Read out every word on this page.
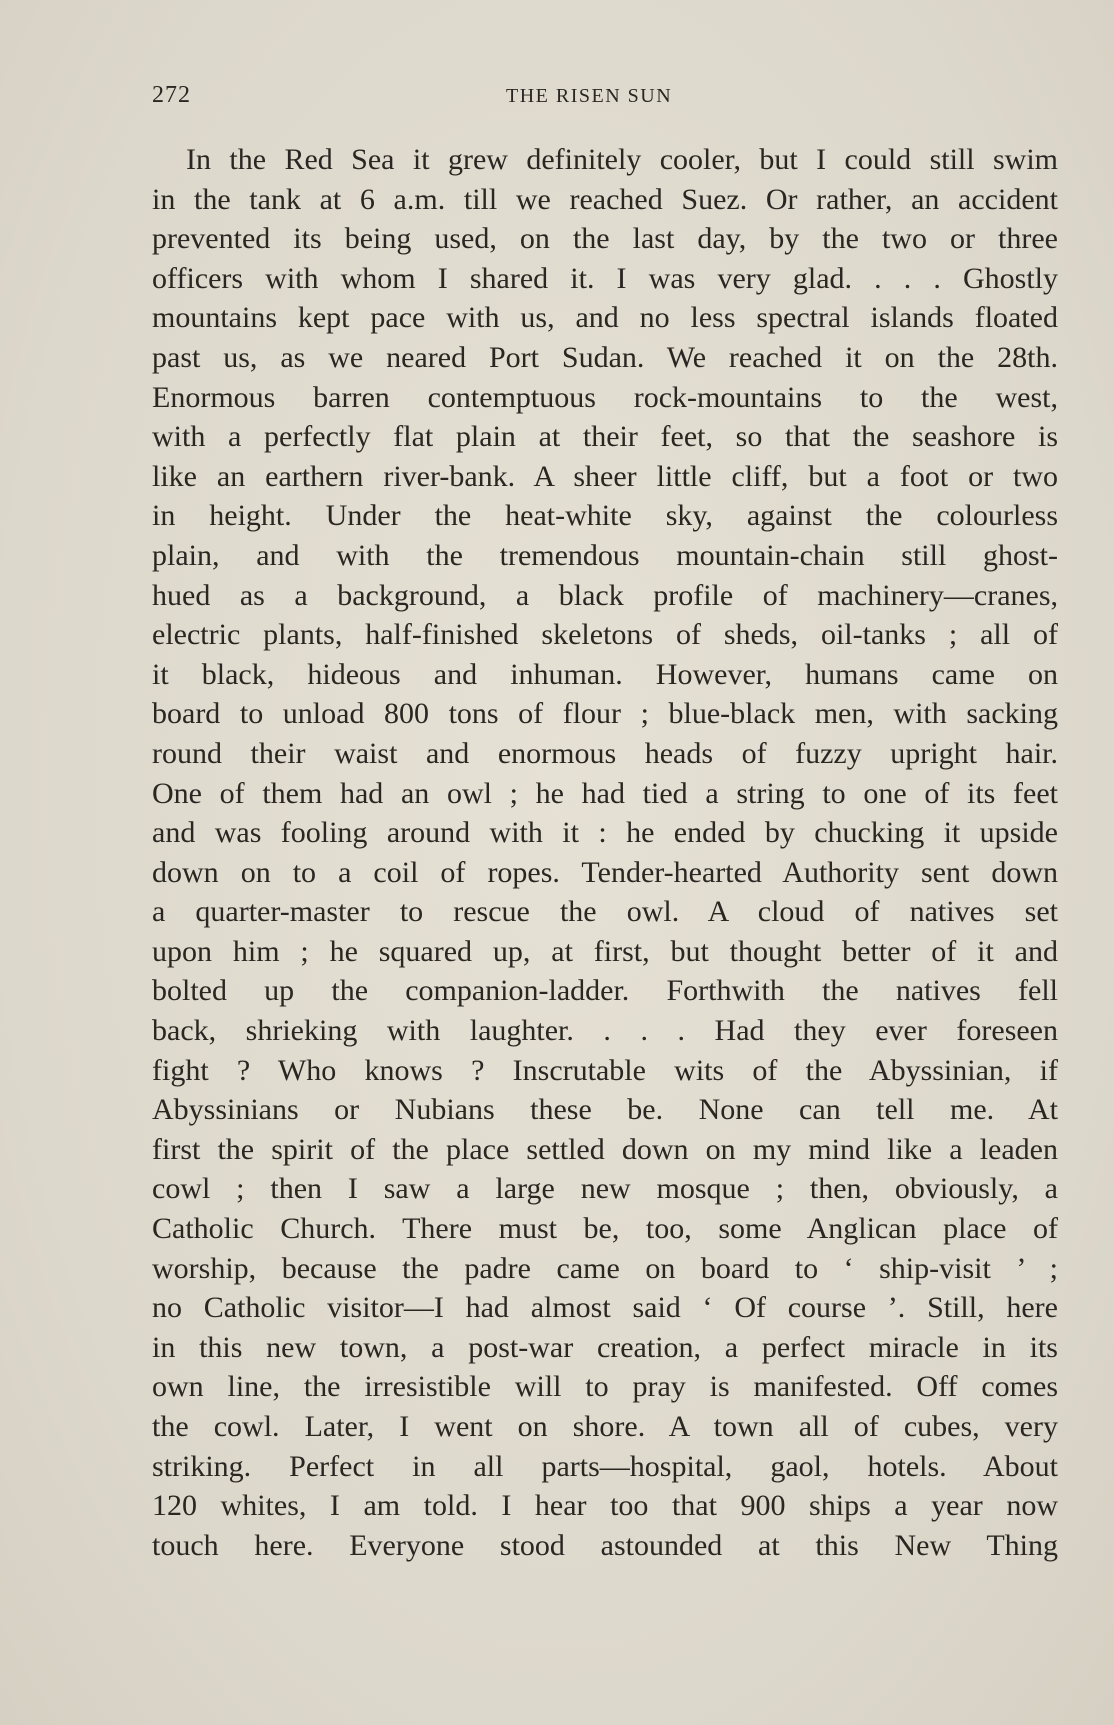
272	THE RISEN SUN
In the Red Sea it grew definitely cooler, but I could still swim
in the tank at 6 a.m. till we reached Suez. Or rather, an accident
prevented its being used, on the last day, by the two or three
officers with whom I shared it. I was very glad. . . . Ghostly
mountains kept pace with us, and no less spectral islands floated
past us, as we neared Port Sudan. We reached it on the 28th.
Enormous barren contemptuous rock-mountains to the west,
with a perfectly flat plain at their feet, so that the seashore is
like an earthern river-bank. A sheer little cliff, but a foot or two
in height. Under the heat-white sky, against the colourless
plain, and with the tremendous mountain-chain still ghost-
hued as a background, a black profile of machinery—cranes,
electric plants, half-finished skeletons of sheds, oil-tanks ; all of
it black, hideous and inhuman. However, humans came on
board to unload 800 tons of flour ; blue-black men, with sacking
round their waist and enormous heads of fuzzy upright hair.
One of them had an owl ; he had tied a string to one of its feet
and was fooling around with it : he ended by chucking it upside
down on to a coil of ropes. Tender-hearted Authority sent down
a quarter-master to rescue the owl. A cloud of natives set
upon him ; he squared up, at first, but thought better of it and
bolted up the companion-ladder. Forthwith the natives fell
back, shrieking with laughter. . . . Had they ever foreseen
fight ? Who knows ? Inscrutable wits of the Abyssinian, if
Abyssinians or Nubians these be. None can tell me. At
first the spirit of the place settled down on my mind like a leaden
cowl ; then I saw a large new mosque ; then, obviously, a
Catholic Church. There must be, too, some Anglican place of
worship, because the padre came on board to ‘ ship-visit ’ ;
no Catholic visitor—I had almost said ‘ Of course ’. Still, here
in this new town, a post-war creation, a perfect miracle in its
own line, the irresistible will to pray is manifested. Off comes
the cowl. Later, I went on shore. A town all of cubes, very
striking. Perfect in all parts—hospital, gaol, hotels. About
120 whites, I am told. I hear too that 900 ships a year now
touch here. Everyone stood astounded at this New Thing
